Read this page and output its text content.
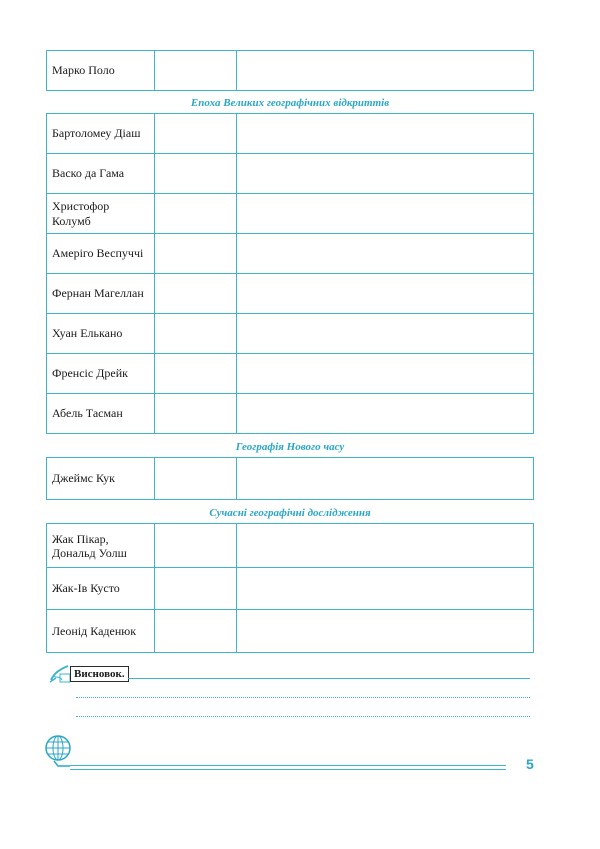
Марко Поло		
Епоха Великих географічних відкриттів
Бартоломеу Діаш		
Васко да Гама		
Христофор Колумб		
Амеріго Веспуччі		
Фернан Магеллан		
Хуан Елькано		
Френсіс Дрейк		
Абель Тасман		
Географія Нового часу
Джеймс Кук		
Сучасні географічні дослідження
Жак Пікар, Дональд Уолш		
Жак-Ів Кусто		
Леонід Каденюк		
Висновок.
5
